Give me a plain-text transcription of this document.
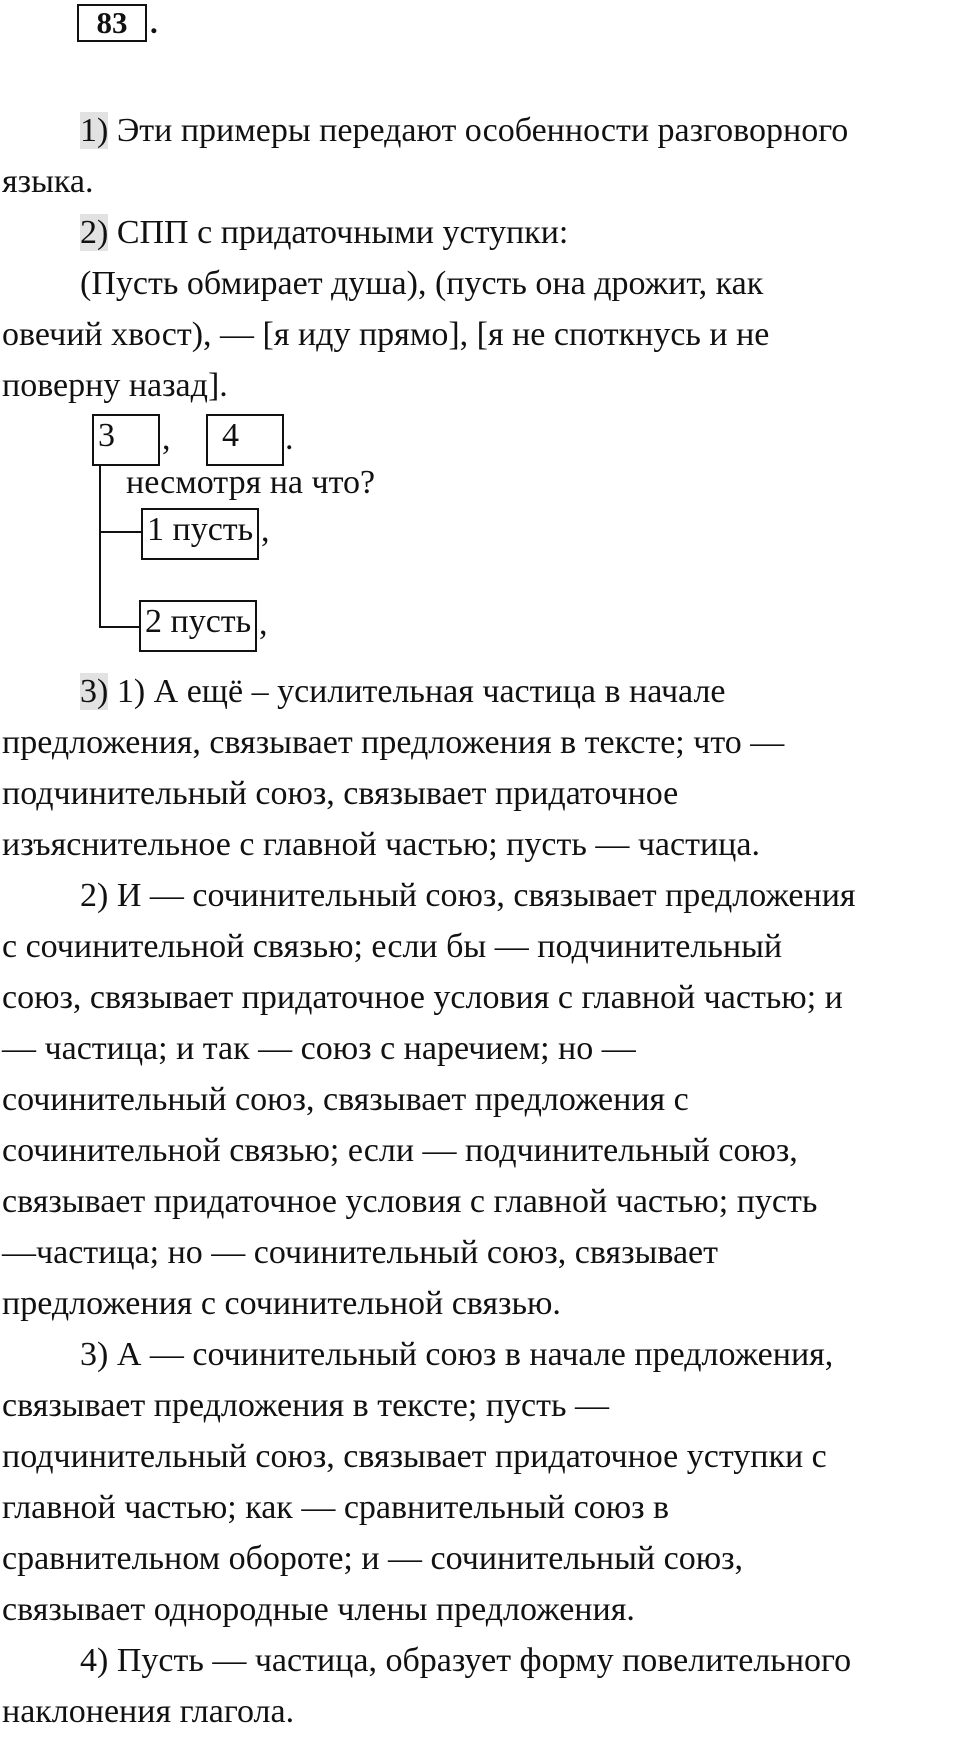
83 .

1) Эти примеры передают особенности разговорного

языка.

2) СПП с придаточными уступки:

(Пусть обмирает душа), (пусть она дрожит, как

овечий хвост), — [я иду прямо], [я не споткнусь и не

поверну назад].

3	,	4	.
несмотря на что?
1 пусть ,
2 пусть ,

3) 1) А ещё – усилительная частица в начале

предложения, связывает предложения в тексте; что —

подчинительный союз, связывает придаточное

изъяснительное с главной частью; пусть — частица.

2) И — сочинительный союз, связывает предложения

с сочинительной связью; если бы — подчинительный

союз, связывает придаточное условия с главной частью; и

— частица; и так — союз с наречием; но —

сочинительный союз, связывает предложения с

сочинительной связью; если — подчинительный союз,

связывает придаточное условия с главной частью; пусть

—частица; но — сочинительный союз, связывает

предложения с сочинительной связью.

3) А — сочинительный союз в начале предложения,

связывает предложения в тексте; пусть —

подчинительный союз, связывает придаточное уступки с

главной частью; как — сравнительный союз в

сравнительном обороте; и — сочинительный союз,

связывает однородные члены предложения.

4) Пусть — частица, образует форму повелительного

наклонения глагола.
